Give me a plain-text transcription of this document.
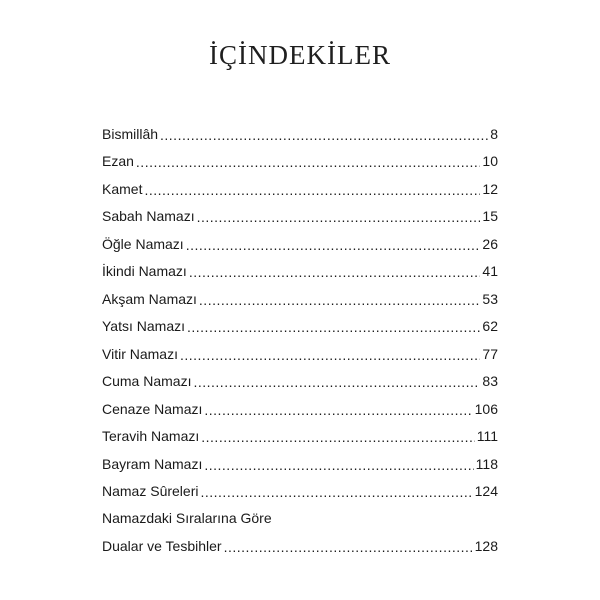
İÇİNDEKİLER
Bismillâh .....	8
Ezan .....	10
Kamet .....	12
Sabah Namazı .....	15
Öğle Namazı .....	26
İkindi Namazı .....	41
Akşam Namazı .....	53
Yatsı Namazı .....	62
Vitir Namazı .....	77
Cuma Namazı .....	83
Cenaze Namazı .....	106
Teravih Namazı .....	111
Bayram Namazı .....	118
Namaz Sûreleri .....	124
Namazdaki Sıralarına Göre
Dualar ve Tesbihler .....	128
